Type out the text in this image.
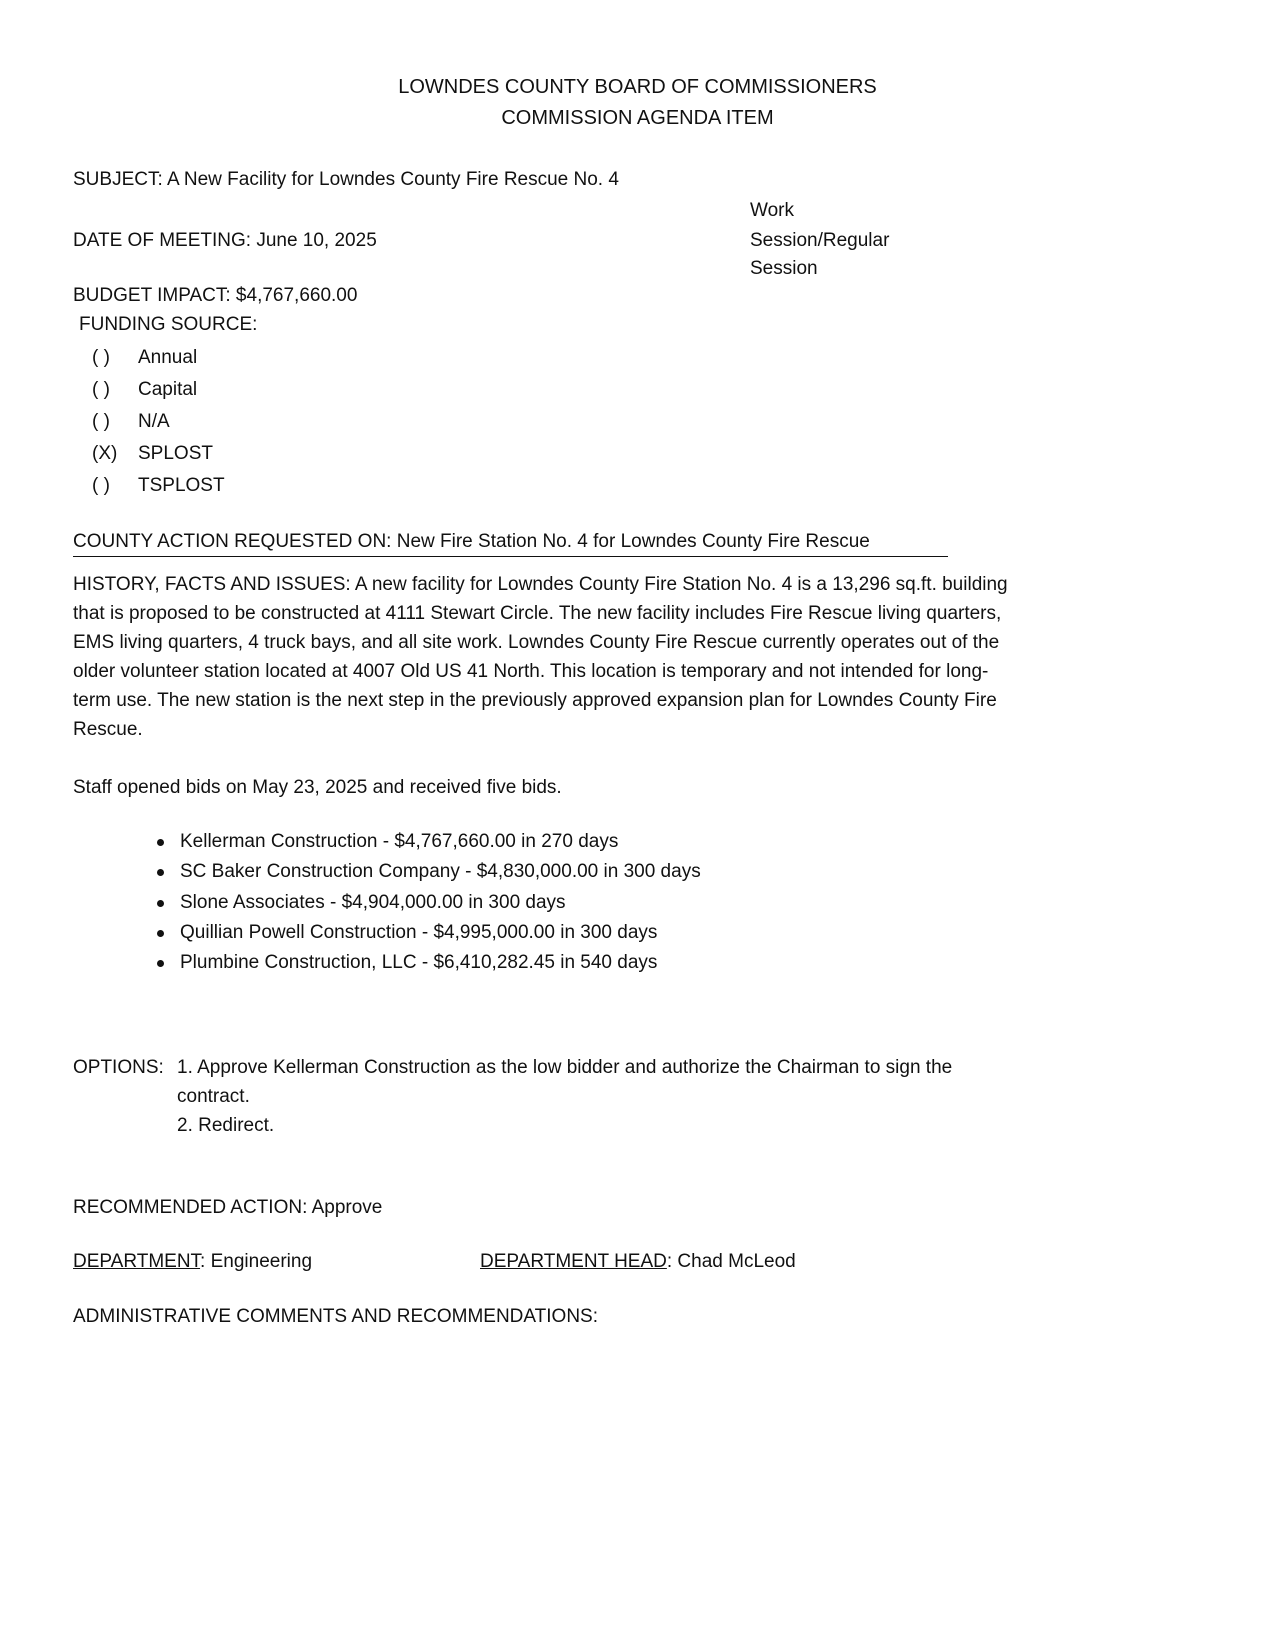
LOWNDES COUNTY BOARD OF COMMISSIONERS
COMMISSION AGENDA ITEM
SUBJECT: A New Facility for Lowndes County Fire Rescue No. 4
Work
Session/Regular
Session
DATE OF MEETING: June 10, 2025
BUDGET IMPACT: $4,767,660.00
FUNDING SOURCE:
( ) Annual
( ) Capital
( ) N/A
(X) SPLOST
( ) TSPLOST
COUNTY ACTION REQUESTED ON: New Fire Station No. 4 for Lowndes County Fire Rescue
HISTORY, FACTS AND ISSUES: A new facility for Lowndes County Fire Station No. 4 is a 13,296 sq.ft. building
that is proposed to be constructed at 4111 Stewart Circle. The new facility includes Fire Rescue living quarters,
EMS living quarters, 4 truck bays, and all site work. Lowndes County Fire Rescue currently operates out of the
older volunteer station located at 4007 Old US 41 North. This location is temporary and not intended for long-
term use. The new station is the next step in the previously approved expansion plan for Lowndes County Fire
Rescue.
Staff opened bids on May 23, 2025 and received five bids.
Kellerman Construction - $4,767,660.00 in 270 days
SC Baker Construction Company - $4,830,000.00 in 300 days
Slone Associates - $4,904,000.00 in 300 days
Quillian Powell Construction - $4,995,000.00 in 300 days
Plumbine Construction, LLC - $6,410,282.45 in 540 days
OPTIONS: 1. Approve Kellerman Construction as the low bidder and authorize the Chairman to sign the
contract.
2. Redirect.
RECOMMENDED ACTION: Approve
DEPARTMENT: Engineering	DEPARTMENT HEAD: Chad McLeod
ADMINISTRATIVE COMMENTS AND RECOMMENDATIONS:
